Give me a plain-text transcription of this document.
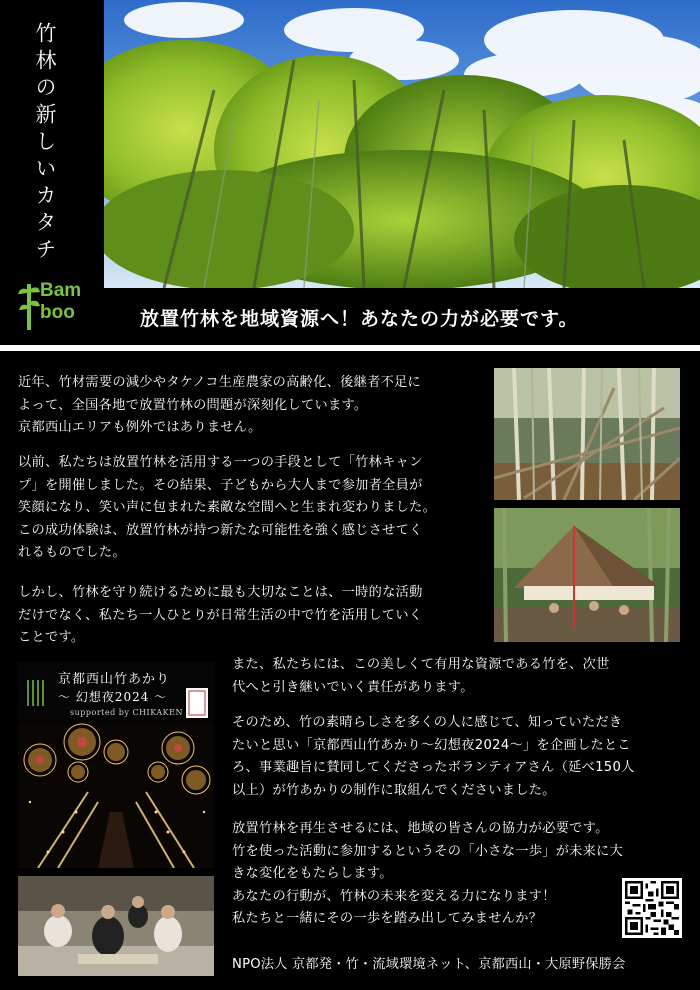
竹林の新しいカタチ
Bam
boo	放置竹林を地域資源へ！あなたの力が必要です。
近年、竹材需要の減少やタケノコ生産農家の高齢化、後継者不足に
よって、全国各地で放置竹林の問題が深刻化しています。
京都西山エリアも例外ではありません。
以前、私たちは放置竹林を活用する一つの手段として「竹林キャン
プ」を開催しました。その結果、子どもから大人まで参加者全員が
笑顔になり、笑い声に包まれた素敵な空間へと生まれ変わりました。
この成功体験は、放置竹林が持つ新たな可能性を強く感じさせてく
れるものでした。
しかし、竹林を守り続けるために最も大切なことは、一時的な活動
だけでなく、私たち一人ひとりが日常生活の中で竹を活用していく
ことです。
また、私たちには、この美しくて有用な資源である竹を、次世
代へと引き継いでいく責任があります。
そのため、竹の素晴らしさを多くの人に感じて、知っていただき
たいと思い「京都西山竹あかり～幻想夜2024～」を企画したとこ
ろ、事業趣旨に賛同してくださったボランティアさん（延べ150人
以上）が竹あかりの制作に取組んでくださいました。
京都西山竹あかり
～ 幻想夜2024 ～
supported by CHIKAKEN
放置竹林を再生させるには、地域の皆さんの協力が必要です。
竹を使った活動に参加するというその「小さな一歩」が未来に大
きな変化をもたらします。
あなたの行動が、竹林の未来を変える力になります！
私たちと一緒にその一歩を踏み出してみませんか？
NPO法人 京都発・竹・流域環境ネット、京都西山・大原野保勝会
